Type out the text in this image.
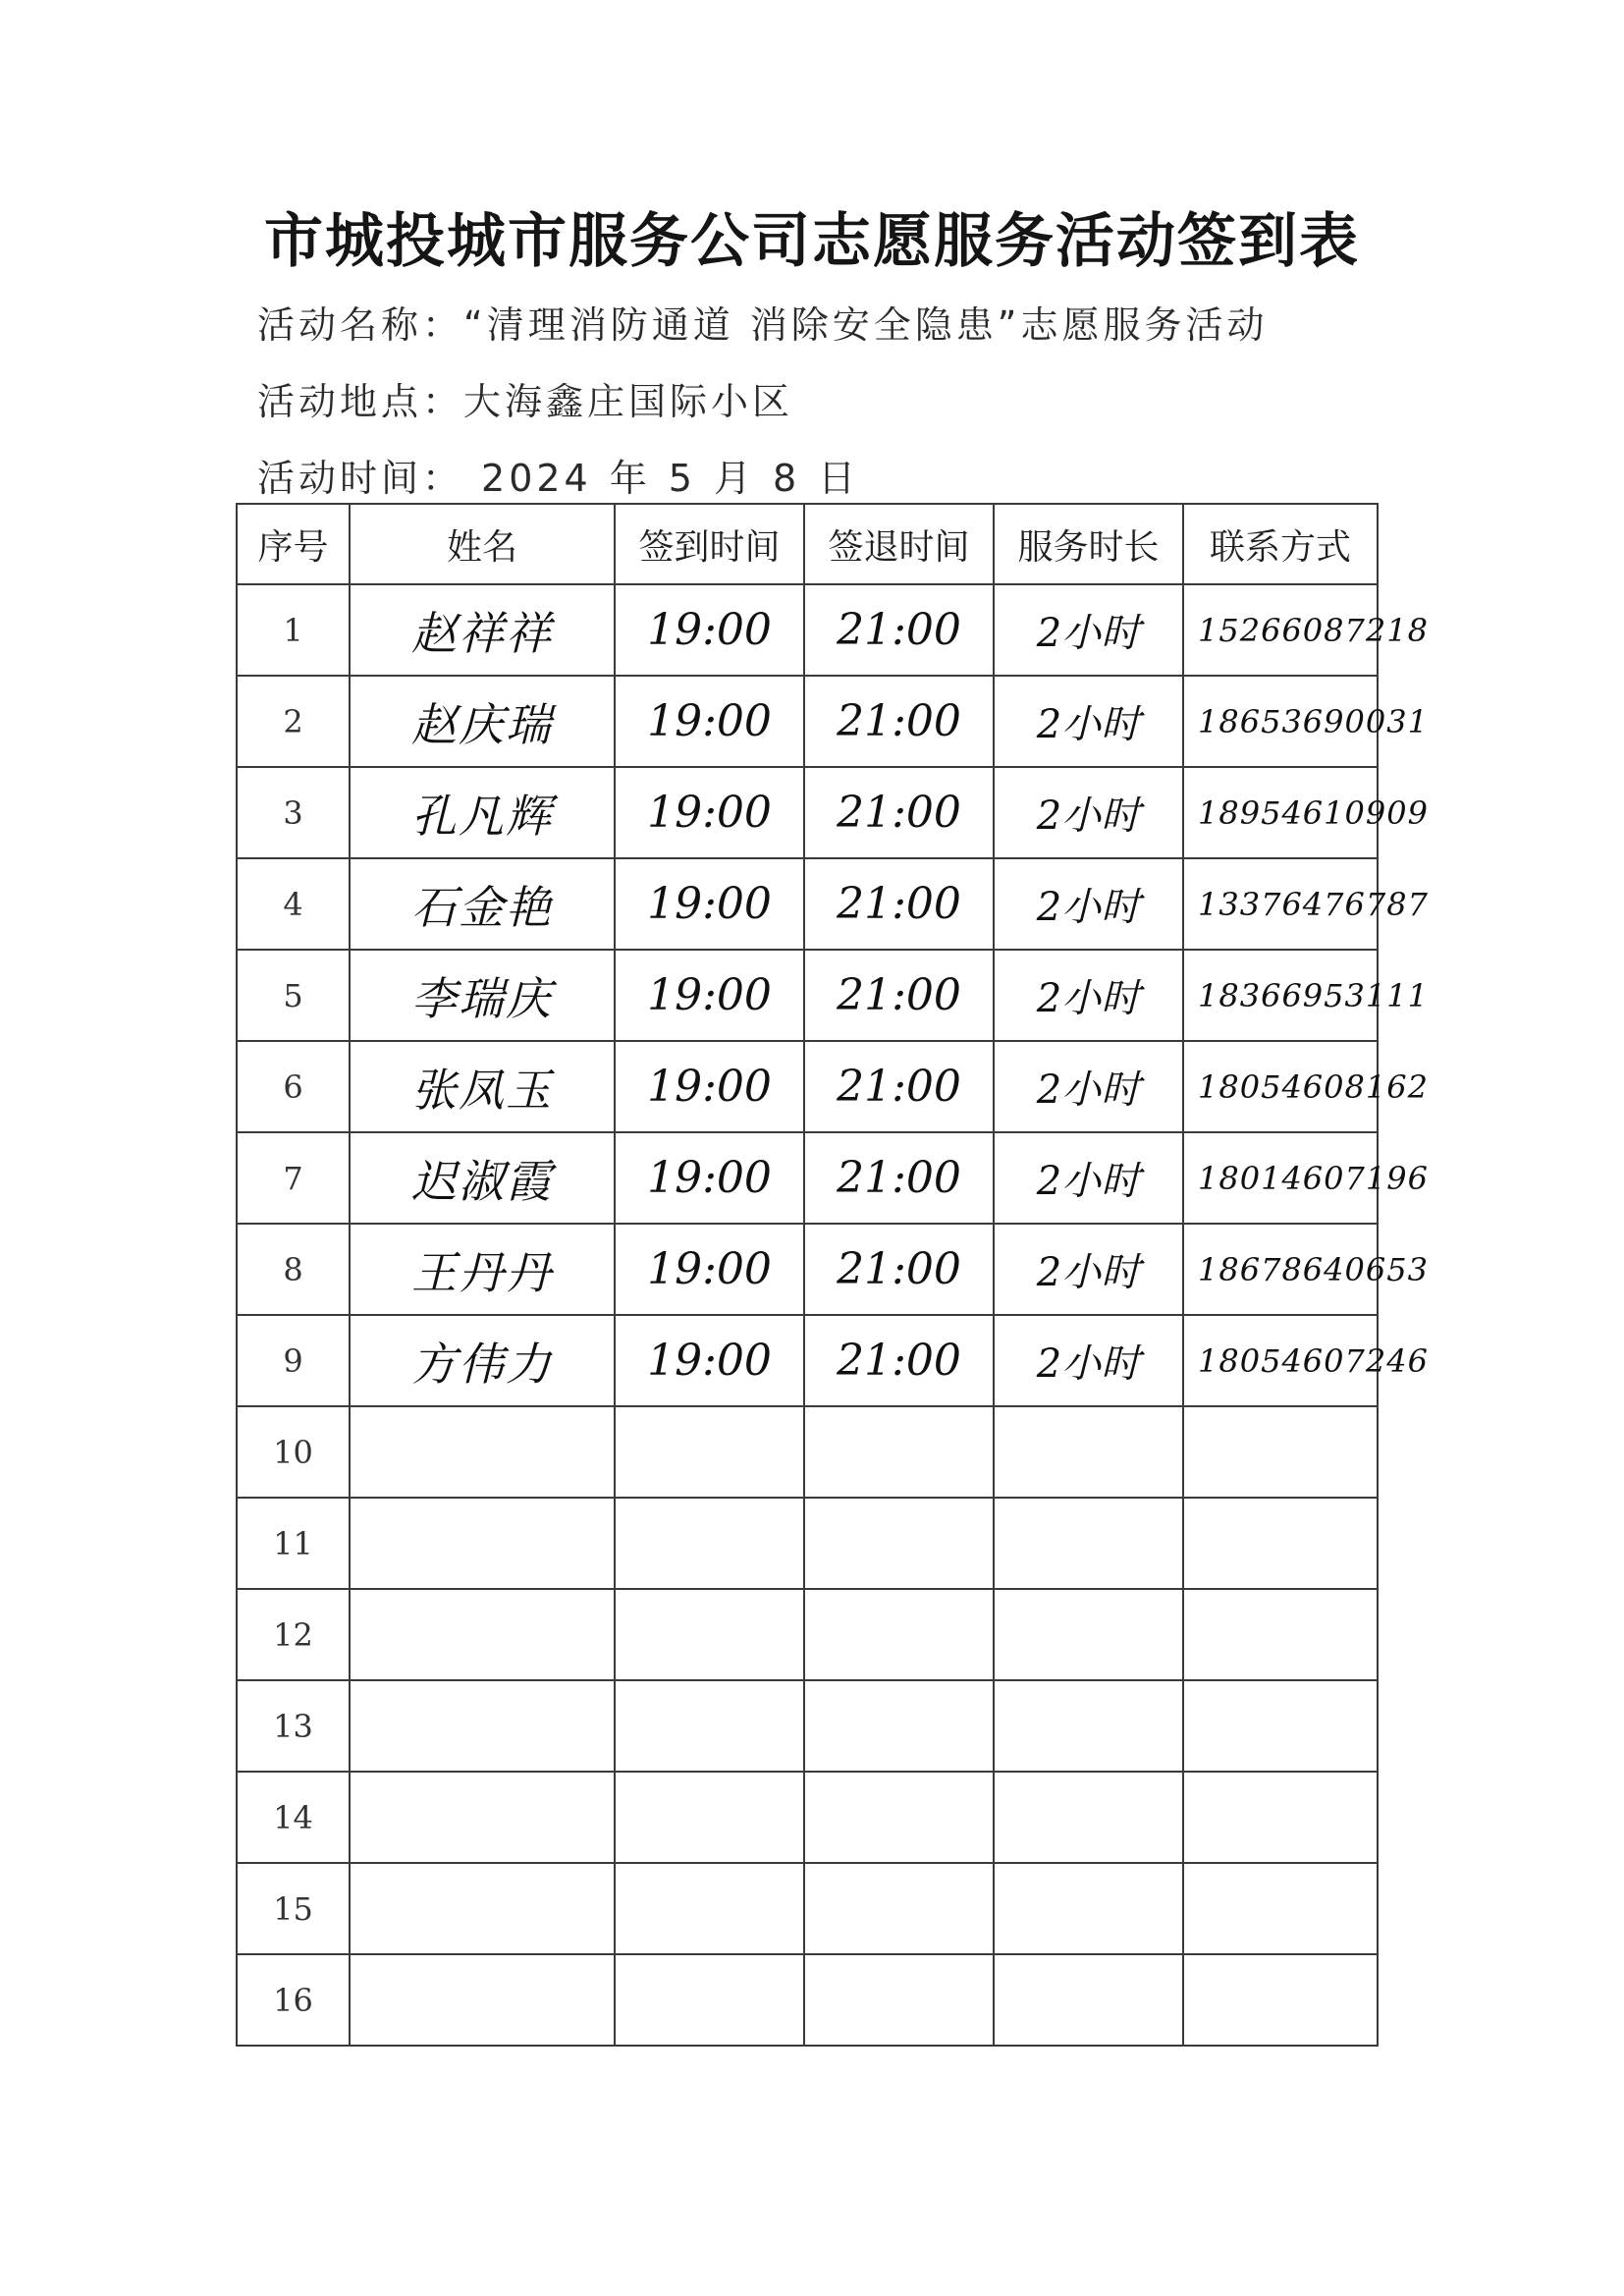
市城投城市服务公司志愿服务活动签到表
活动名称：“清理消防通道 消除安全隐患”志愿服务活动
活动地点：大海鑫庄国际小区
活动时间： 2024 年 5 月 8 日
序号	姓名	签到时间	签退时间	服务时长	联系方式
1	赵祥祥	19:00	21:00	2小时	15266087218
2	赵庆瑞	19:00	21:00	2小时	18653690031
3	孔凡辉	19:00	21:00	2小时	18954610909
4	石金艳	19:00	21:00	2小时	13376476787
5	李瑞庆	19:00	21:00	2小时	18366953111
6	张凤玉	19:00	21:00	2小时	18054608162
7	迟淑霞	19:00	21:00	2小时	18014607196
8	王丹丹	19:00	21:00	2小时	18678640653
9	方伟力	19:00	21:00	2小时	18054607246
10					
11					
12					
13					
14					
15					
16					
